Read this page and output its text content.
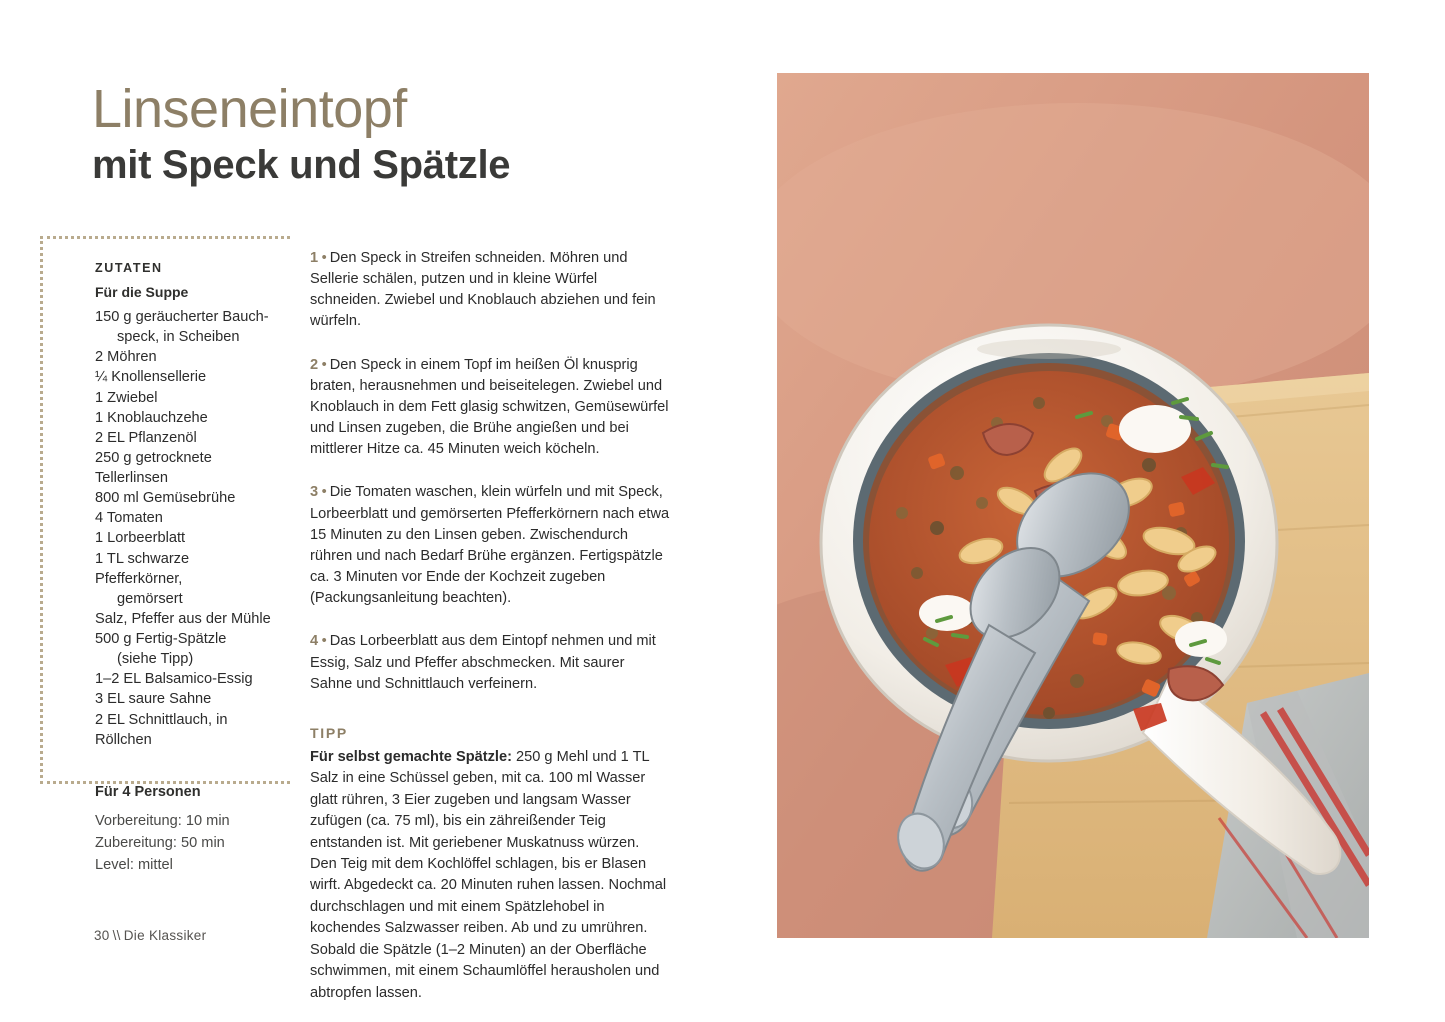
Linseneintopf
mit Speck und Spätzle
ZUTATEN
Für die Suppe
150 g geräucherter Bauch-
speck, in Scheiben
2 Möhren
¼ Knollensellerie
1 Zwiebel
1 Knoblauchzehe
2 EL Pflanzenöl
250 g getrocknete Tellerlinsen
800 ml Gemüsebrühe
4 Tomaten
1 Lorbeerblatt
1 TL schwarze Pfefferkörner,
gemörsert
Salz, Pfeffer aus der Mühle
500 g Fertig-Spätzle
(siehe Tipp)
1–2 EL Balsamico-Essig
3 EL saure Sahne
2 EL Schnittlauch, in Röllchen
Für 4 Personen
Vorbereitung: 10 min
Zubereitung: 50 min
Level: mittel

1 • Den Speck in Streifen schneiden. Möhren und Sellerie schälen, putzen und in kleine Würfel schneiden. Zwiebel und Knoblauch abziehen und fein würfeln.

2 • Den Speck in einem Topf im heißen Öl knusprig braten, herausnehmen und beiseitelegen. Zwiebel und Knoblauch in dem Fett glasig schwitzen, Gemüsewürfel und Linsen zugeben, die Brühe angießen und bei mittlerer Hitze ca. 45 Minuten weich köcheln.

3 • Die Tomaten waschen, klein würfeln und mit Speck, Lorbeerblatt und gemörserten Pfefferkörnern nach etwa 15 Minuten zu den Linsen geben. Zwischendurch rühren und nach Bedarf Brühe ergänzen. Fertigspätzle ca. 3 Minuten vor Ende der Kochzeit zugeben (Packungsanleitung beachten).

4 • Das Lorbeerblatt aus dem Eintopf nehmen und mit Essig, Salz und Pfeffer abschmecken. Mit saurer Sahne und Schnittlauch verfeinern.

TIPP

Für selbst gemachte Spätzle: 250 g Mehl und 1 TL Salz in eine Schüssel geben, mit ca. 100 ml Wasser glatt rühren, 3 Eier zugeben und langsam Wasser zufügen (ca. 75 ml), bis ein zähreißender Teig entstanden ist. Mit geriebener Muskatnuss würzen. Den Teig mit dem Kochlöffel schlagen, bis er Blasen wirft. Abgedeckt ca. 20 Minuten ruhen lassen. Nochmal durchschlagen und mit einem Spätzlehobel in kochendes Salzwasser reiben. Ab und zu umrühren. Sobald die Spätzle (1–2 Minuten) an der Oberfläche schwimmen, mit einem Schaumlöffel herausholen und abtropfen lassen.

30 \\ Die Klassiker
